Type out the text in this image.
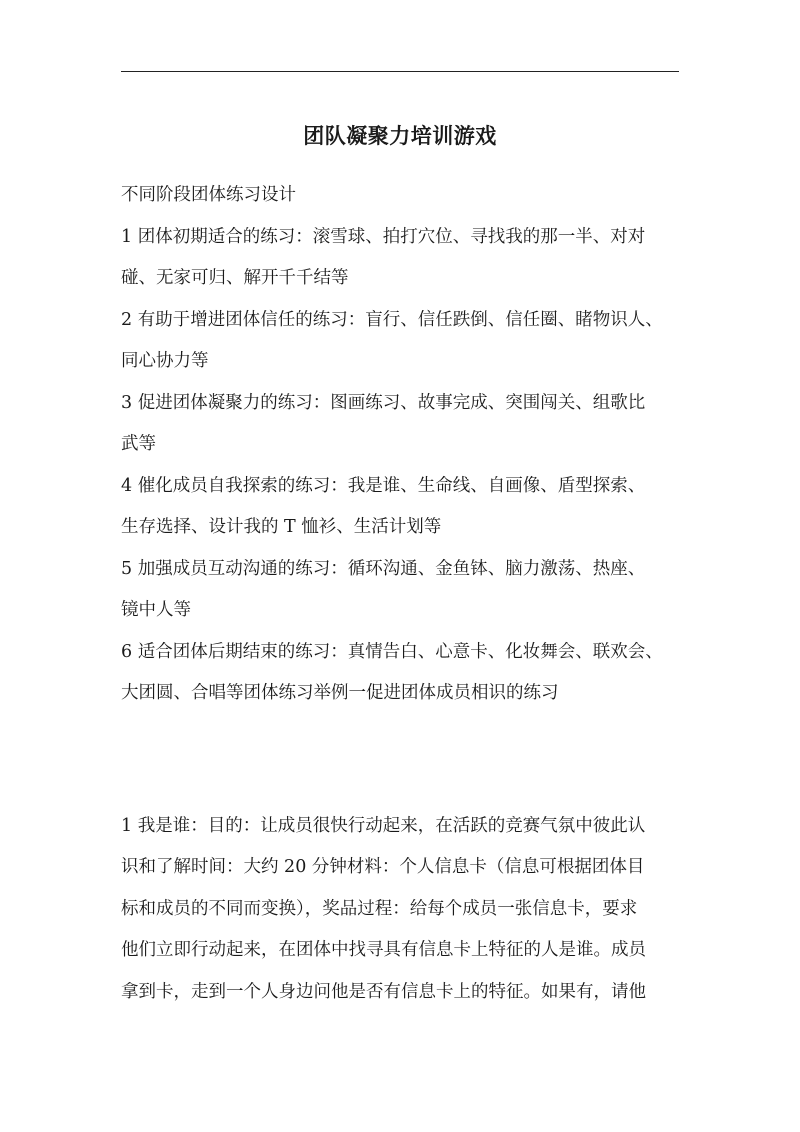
团队凝聚力培训游戏
不同阶段团体练习设计
1 团体初期适合的练习：滚雪球、拍打穴位、寻找我的那一半、对对
碰、无家可归、解开千千结等
2 有助于增进团体信任的练习：盲行、信任跌倒、信任圈、睹物识人、
同心协力等
3 促进团体凝聚力的练习：图画练习、故事完成、突围闯关、组歌比
武等
4 催化成员自我探索的练习：我是谁、生命线、自画像、盾型探索、
生存选择、设计我的 T 恤衫、生活计划等
5 加强成员互动沟通的练习：循环沟通、金鱼钵、脑力激荡、热座、
镜中人等
6 适合团体后期结束的练习：真情告白、心意卡、化妆舞会、联欢会、
大团圆、合唱等团体练习举例一促进团体成员相识的练习
1 我是谁：目的：让成员很快行动起来，在活跃的竞赛气氛中彼此认
识和了解时间：大约 20 分钟材料：个人信息卡（信息可根据团体目
标和成员的不同而变换），奖品过程：给每个成员一张信息卡，要求
他们立即行动起来，在团体中找寻具有信息卡上特征的人是谁。成员
拿到卡，走到一个人身边问他是否有信息卡上的特征。如果有，请他
